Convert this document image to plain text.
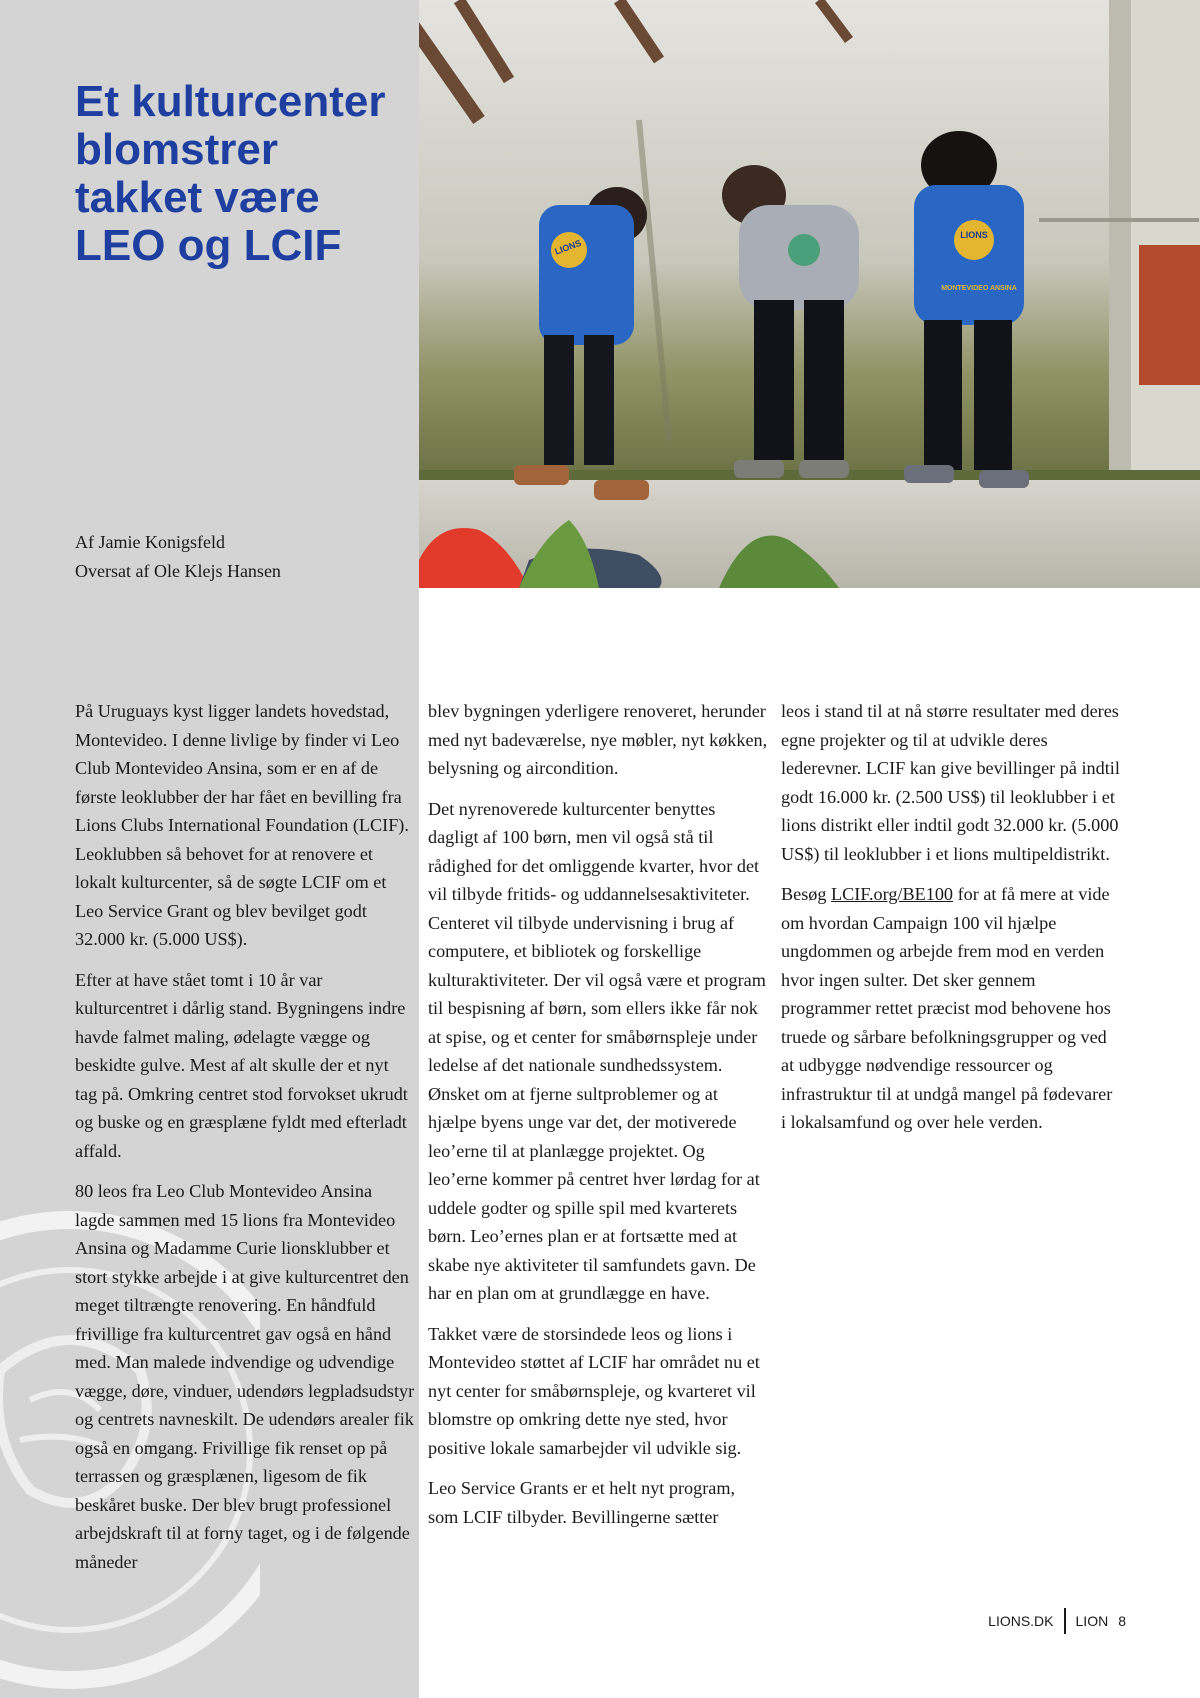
Et kulturcenter blomstrer takket være LEO og LCIF
Af Jamie Konigsfeld
Oversat af Ole Klejs Hansen
LIONS
LIONS
MONTEVIDEO ANSINA

På Uruguays kyst ligger landets hovedstad, Montevideo. I denne livlige by finder vi Leo Club Montevideo Ansina, som er en af de første leoklubber der har fået en bevilling fra Lions Clubs International Foundation (LCIF). Leoklubben så behovet for at renovere et lokalt kulturcenter, så de søgte LCIF om et Leo Service Grant og blev bevilget godt 32.000 kr. (5.000 US$).

Efter at have stået tomt i 10 år var kulturcentret i dårlig stand. Bygningens indre havde falmet maling, ødelagte vægge og beskidte gulve. Mest af alt skulle der et nyt tag på. Omkring centret stod forvokset ukrudt og buske og en græsplæne fyldt med efterladt affald.

80 leos fra Leo Club Montevideo Ansina lagde sammen med 15 lions fra Montevideo Ansina og Madamme Curie lionsklubber et stort stykke arbejde i at give kulturcentret den meget tiltrængte renovering. En håndfuld frivillige fra kulturcentret gav også en hånd med. Man malede indvendige og udvendige vægge, døre, vinduer, udendørs legpladsudstyr og centrets navneskilt. De udendørs arealer fik også en omgang. Frivillige fik renset op på terrassen og græsplænen, ligesom de fik beskåret buske. Der blev brugt professionel arbejdskraft til at forny taget, og i de følgende måneder

blev bygningen yderligere renoveret, herunder med nyt badeværelse, nye møbler, nyt køkken, belysning og aircondition.

Det nyrenoverede kulturcenter benyttes dagligt af 100 børn, men vil også stå til rådighed for det omliggende kvarter, hvor det vil tilbyde fritids- og uddannelsesaktiviteter. Centeret vil tilbyde undervisning i brug af computere, et bibliotek og forskellige kulturaktiviteter. Der vil også være et program til bespisning af børn, som ellers ikke får nok at spise, og et center for småbørnspleje under ledelse af det nationale sundhedssystem. Ønsket om at fjerne sultproblemer og at hjælpe byens unge var det, der motiverede leo’erne til at planlægge projektet. Og leo’erne kommer på centret hver lørdag for at uddele godter og spille spil med kvarterets børn. Leo’ernes plan er at fortsætte med at skabe nye aktiviteter til samfundets gavn. De har en plan om at grundlægge en have.

Takket være de storsindede leos og lions i Montevideo støttet af LCIF har området nu et nyt center for småbørnspleje, og kvarteret vil blomstre op omkring dette nye sted, hvor positive lokale samarbejder vil udvikle sig.

Leo Service Grants er et helt nyt program, som LCIF tilbyder. Bevillingerne sætter

leos i stand til at nå større resultater med deres egne projekter og til at udvikle deres lederevner. LCIF kan give bevillinger på indtil godt 16.000 kr. (2.500 US$) til leoklubber i et lions distrikt eller indtil godt 32.000 kr. (5.000 US$) til leoklubber i et lions multipeldistrikt.

Besøg LCIF.org/BE100 for at få mere at vide om hvordan Campaign 100 vil hjælpe ungdommen og arbejde frem mod en verden hvor ingen sulter. Det sker gennem programmer rettet præcist mod behovene hos truede og sårbare befolkningsgrupper og ved at udbygge nødvendige ressourcer og infrastruktur til at undgå mangel på fødevarer i lokalsamfund og over hele verden.

LIONS.DK LION 8
